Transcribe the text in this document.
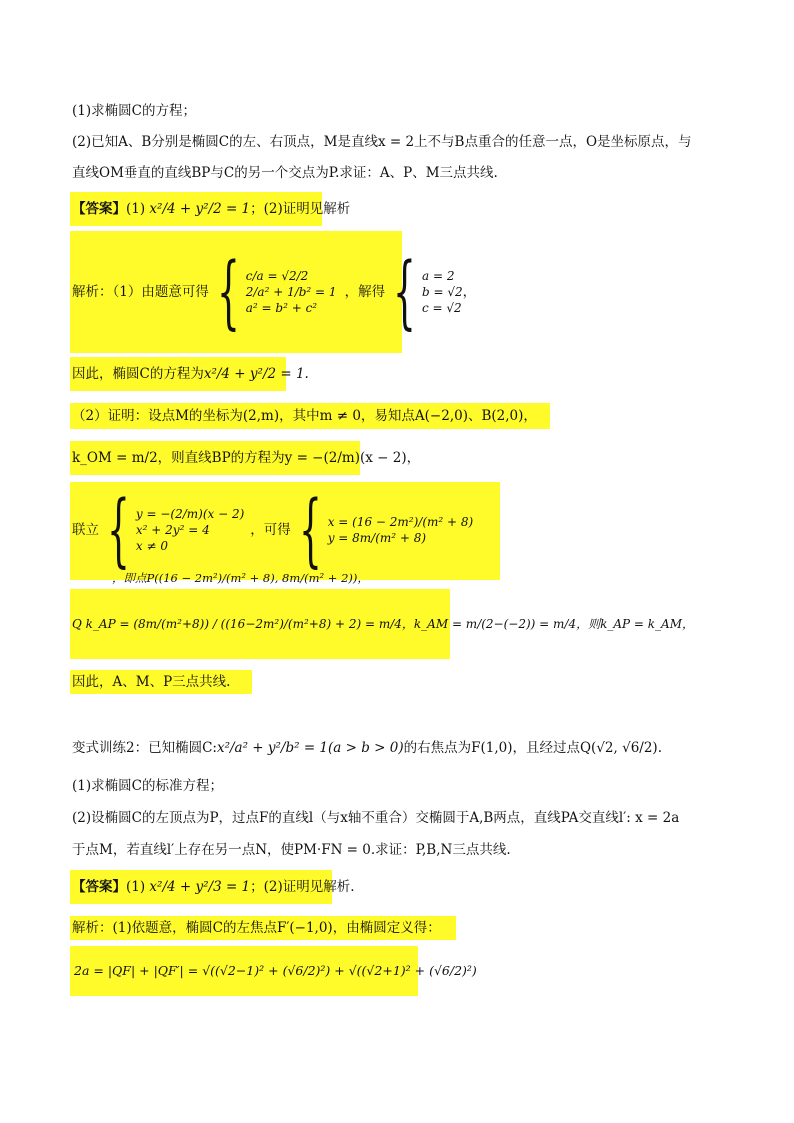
(1)求椭圆C的方程；
(2)已知A、B分别是椭圆C的左、右顶点，M是直线x = 2上不与B点重合的任意一点，O是坐标原点，与
直线OM垂直的直线BP与C的另一个交点为P.求证：A、P、M三点共线.
【答案】(1) x²/4 + y²/2 = 1；(2)证明见解析
解析：（1）由题意可得 { c/a = √2/2
2/a² + 1/b² = 1
a² = b² + c²
，解得 { a = 2
b = √2
c = √2
，
因此，椭圆C的方程为x²/4 + y²/2 = 1.
（2）证明：设点M的坐标为(2,m)，其中m ≠ 0，易知点A(−2,0)、B(2,0)，
k_OM = m/2，则直线BP的方程为y = −(2/m)(x − 2)，
联立 { y = −(2/m)(x − 2)
x² + 2y² = 4
x ≠ 0
，可得 { x = (16 − 2m²)/(m² + 8)
y = 8m/(m² + 8)
，即点P((16 − 2m²)/(m² + 8), 8m/(m² + 2))，
Q k_AP = (8m/(m²+8)) / ((16−2m²)/(m²+8) + 2) = m/4，k_AM = m/(2−(−2)) = m/4，则k_AP = k_AM，
因此，A、M、P三点共线.
变式训练2：已知椭圆C:x²/a² + y²/b² = 1(a > b > 0)的右焦点为F(1,0)，且经过点Q(√2, √6/2).
(1)求椭圆C的标准方程；
(2)设椭圆C的左顶点为P，过点F的直线l（与x轴不重合）交椭圆于A,B两点，直线PA交直线l′: x = 2a
于点M，若直线l′上存在另一点N，使PM·FN = 0.求证：P,B,N三点共线.
【答案】(1) x²/4 + y²/3 = 1；(2)证明见解析.
解析：(1)依题意，椭圆C的左焦点F′(−1,0)，由椭圆定义得：
2a = |QF| + |QF′| = √((√2−1)² + (√6/2)²) + √((√2+1)² + (√6/2)²)
